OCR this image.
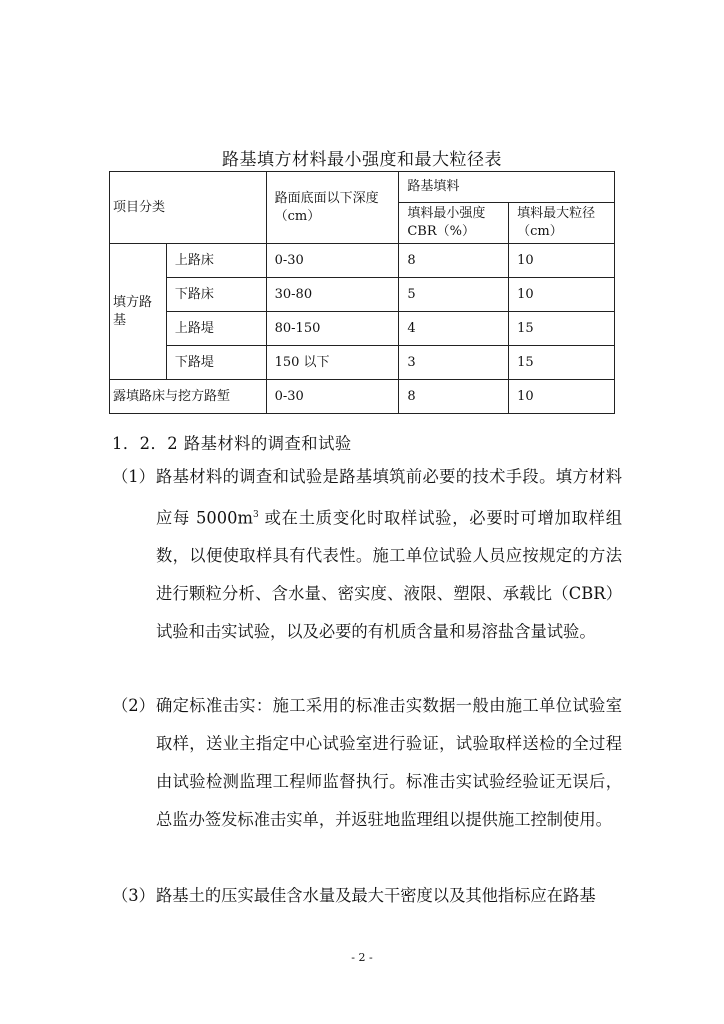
路基填方材料最小强度和最大粒径表
项目分类		路面底面以下深度（cm）	路基填料	
			填料最小强度CBR（%）	填料最大粒径（cm）
填方路基	上路床	0-30	8	10
	下路床	30-80	5	10
	上路堤	80-150	4	15
	下路堤	150 以下	3	15
露填路床与挖方路堑		0-30	8	10
1．2．2 路基材料的调查和试验
（1） 路基材料的调查和试验是路基填筑前必要的技术手段。填方材料应每 $5000m^3$ 或在土质变化时取样试验，必要时可增加取样组数，以便使取样具有代表性。施工单位试验人员应按规定的方法进行颗粒分析、含水量、密实度、液限、塑限、承载比（CBR）试验和击实试验，以及必要的有机质含量和易溶盐含量试验。
（2） 确定标准击实：施工采用的标准击实数据一般由施工单位试验室取样，送业主指定中心试验室进行验证，试验取样送检的全过程由试验检测监理工程师监督执行。标准击实试验经验证无误后，总监办签发标准击实单，并返驻地监理组以提供施工控制使用。
（3） 路基土的压实最佳含水量及最大干密度以及其他指标应在路基
- 2 -
